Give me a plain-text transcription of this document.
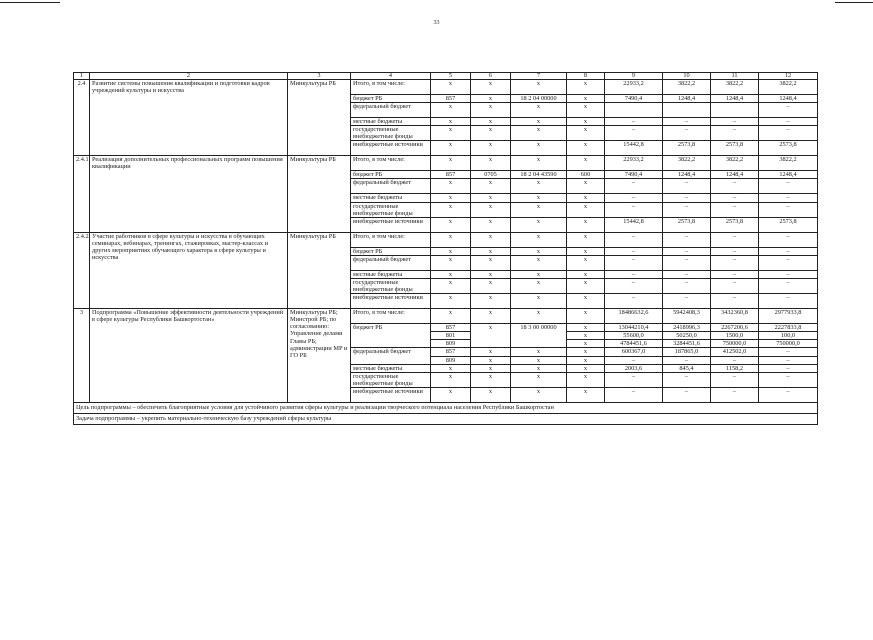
33
1	2	3	4	5	6	7	8	9	10	11	12
2.4	Развитие системы повышения квалификации и подготовки кадров учреждений культуры и искусства	Минкультуры РБ	Итого, в том числе:	х	х	х	х	22933,2	3822,2	3822,2	3822,2
			бюджет РБ	857	х	18 2 04 00000	х	7490,4	1248,4	1248,4	1248,4
			федеральный бюджет	х	х	х	х				–
			местные бюджеты	х	х	х	х	–	–	–	–
			государственные внебюджетные фонды	х	х	х	х	–	–	–	–
			внебюджетные источники	х	х	х	х	15442,8	2573,8	2573,8	2573,8
2.4.1	Реализация дополнительных профессиональных программ повышения квалификации	Минкультуры РБ	Итого, в том числе:	х	х	х	х	22933,2	3822,2	3822,2	3822,2
			бюджет РБ	857	0705	18 2 04 43590	600	7490,4	1248,4	1248,4	1248,4
			федеральный бюджет	х	х	х	х	–	–	–	–
			местные бюджеты	х	х	х	х	–	–	–	–
			государственные внебюджетные фонды	х	х	х	х	–	–	–	–
			внебюджетные источники	х	х	х	х	15442,8	2573,8	2573,8	2573,8
2.4.2	Участие работников в сфере культуры и искусства в обучающих семинарах, вебинарах, тренингах, стажировках, мастер-классах и других мероприятиях обучающего характера в сфере культуры и искусства	Минкультуры РБ	Итого, в том числе:	х	х	х	х	–	–	–	–
			бюджет РБ	х	х	х	х	–	–	–	–
			федеральный бюджет	х	х	х	х	–	–	–	–
			местные бюджеты	х	х	х	х	–	–	–	–
			государственные внебюджетные фонды	х	х	х	х	–	–	–	–
			внебюджетные источники	х	х	х	х	–	–	–	–
3	Подпрограмма «Повышение эффективности деятельности учреждений в сфере культуры Республики Башкортостан»	Минкультуры РБ; Минстрой РБ; по согласованию: Управление делами Главы РБ; администрации МР и ГО РБ	Итого, в том числе:	х	х	х	х	18486632,6	5942408,3	3432360,8	2977933,8
			бюджет РБ	857	х	18 3 00 00000	х	13044210,4	2418996,3	2267200,6	2227833,8
				801			х	55600,0	50250,0	1500,0	100,0
				809			х	4784451,6	3284451,6	750000,0	750000,0
			федеральный бюджет	857	х	х	х	600367,0	187865,0	412502,0	–
				809	х	х	х	–	–	–	–
			местные бюджеты	х	х	х	х	2003,6	845,4	1158,2	–
			государственные внебюджетные фонды	х	х	х	х	–	–	–	–
			внебюджетные источники	х	х	х	х	–	–	–	–
Цель подпрограммы – обеспечить благоприятные условия для устойчивого развития сферы культуры и реализации творческого потенциала населения Республики Башкортостан											
Задача подпрограммы – укрепить материально-техническую базу учреждений сферы культуры											
